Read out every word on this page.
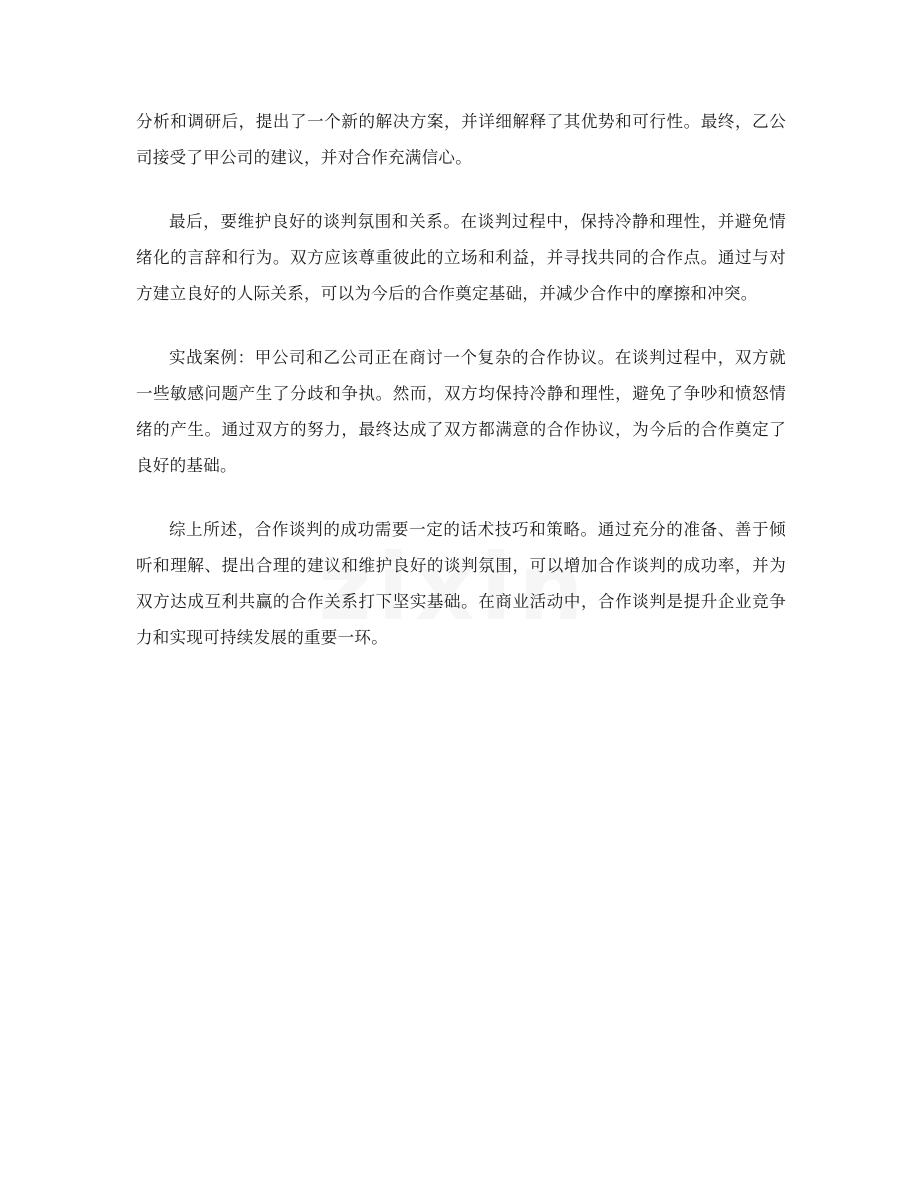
分析和调研后，提出了一个新的解决方案，并详细解释了其优势和可行性。最终，乙公司接受了甲公司的建议，并对合作充满信心。

最后，要维护良好的谈判氛围和关系。在谈判过程中，保持冷静和理性，并避免情绪化的言辞和行为。双方应该尊重彼此的立场和利益，并寻找共同的合作点。通过与对方建立良好的人际关系，可以为今后的合作奠定基础，并减少合作中的摩擦和冲突。

实战案例：甲公司和乙公司正在商讨一个复杂的合作协议。在谈判过程中，双方就一些敏感问题产生了分歧和争执。然而，双方均保持冷静和理性，避免了争吵和愤怒情绪的产生。通过双方的努力，最终达成了双方都满意的合作协议，为今后的合作奠定了良好的基础。

综上所述，合作谈判的成功需要一定的话术技巧和策略。通过充分的准备、善于倾听和理解、提出合理的建议和维护良好的谈判氛围，可以增加合作谈判的成功率，并为双方达成互利共赢的合作关系打下坚实基础。在商业活动中，合作谈判是提升企业竞争力和实现可持续发展的重要一环。
